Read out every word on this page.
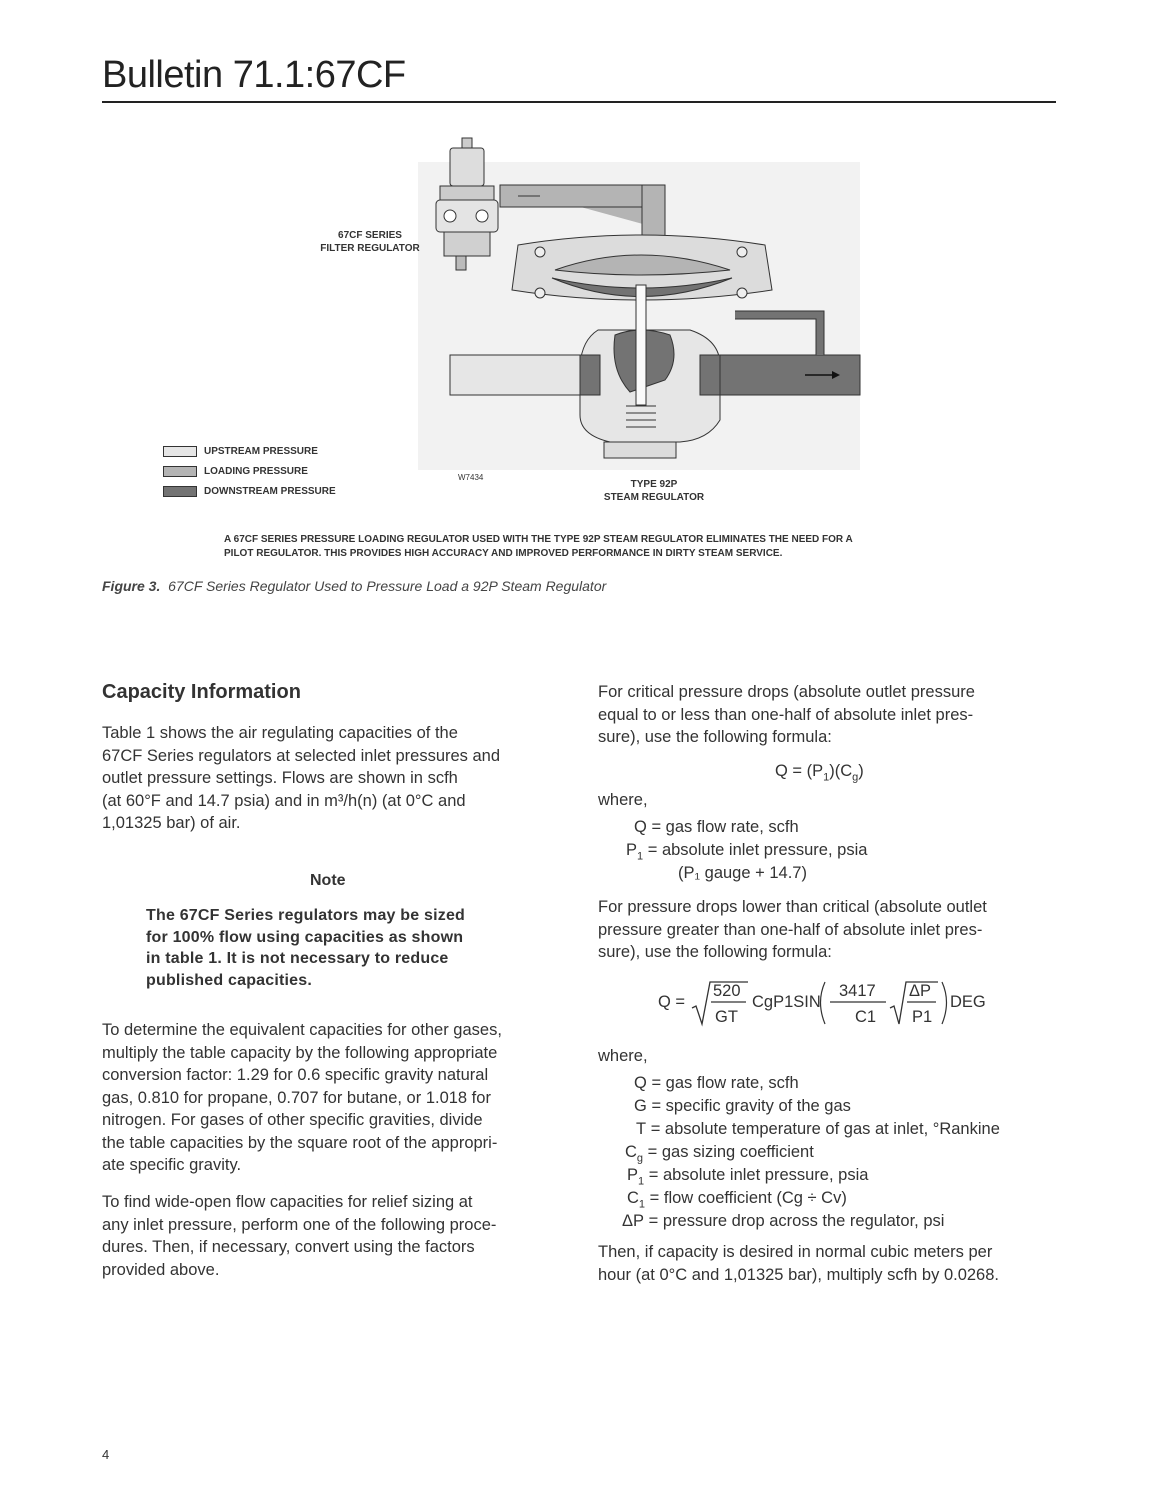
Bulletin 71.1:67CF
67CF SERIES
FILTER REGULATOR
TYPE 92P
STEAM REGULATOR
W7434
UPSTREAM PRESSURE
LOADING PRESSURE
DOWNSTREAM PRESSURE
A 67CF SERIES PRESSURE LOADING REGULATOR USED WITH THE TYPE 92P STEAM REGULATOR ELIMINATES THE NEED FOR A
PILOT REGULATOR. THIS PROVIDES HIGH ACCURACY AND IMPROVED PERFORMANCE IN DIRTY STEAM SERVICE.
Figure 3. 67CF Series Regulator Used to Pressure Load a 92P Steam Regulator
Capacity Information

Table 1 shows the air regulating capacities of the

67CF Series regulators at selected inlet pressures and

outlet pressure settings. Flows are shown in scfh

(at 60°F and 14.7 psia) and in m³/h(n) (at 0°C and

1,01325 bar) of air.

Note

The 67CF Series regulators may be sized

for 100% flow using capacities as shown

in table 1. It is not necessary to reduce

published capacities.

To determine the equivalent capacities for other gases,

multiply the table capacity by the following appropriate

conversion factor: 1.29 for 0.6 specific gravity natural

gas, 0.810 for propane, 0.707 for butane, or 1.018 for

nitrogen. For gases of other specific gravities, divide

the table capacities by the square root of the appropri-

ate specific gravity.

To find wide-open flow capacities for relief sizing at

any inlet pressure, perform one of the following proce-

dures. Then, if necessary, convert using the factors

provided above.

For critical pressure drops (absolute outlet pressure

equal to or less than one-half of absolute inlet pres-

sure), use the following formula:

$Q = (P_1)(C_g)$
where,
Q = gas flow rate, scfh
$P_1$ = absolute inlet pressure, psia
(P₁ gauge + 14.7)

For pressure drops lower than critical (absolute outlet

pressure greater than one-half of absolute inlet pres-

sure), use the following formula:

Q =
520
GT
CgP1SIN
3417
C1
ΔP
P1
DEG
where,
Q = gas flow rate, scfh
G = specific gravity of the gas
T = absolute temperature of gas at inlet, °Rankine
$C_g$ = gas sizing coefficient
$P_1$ = absolute inlet pressure, psia
$C_1$ = flow coefficient (Cg ÷ Cv)
ΔP = pressure drop across the regulator, psi

Then, if capacity is desired in normal cubic meters per

hour (at 0°C and 1,01325 bar), multiply scfh by 0.0268.

4
